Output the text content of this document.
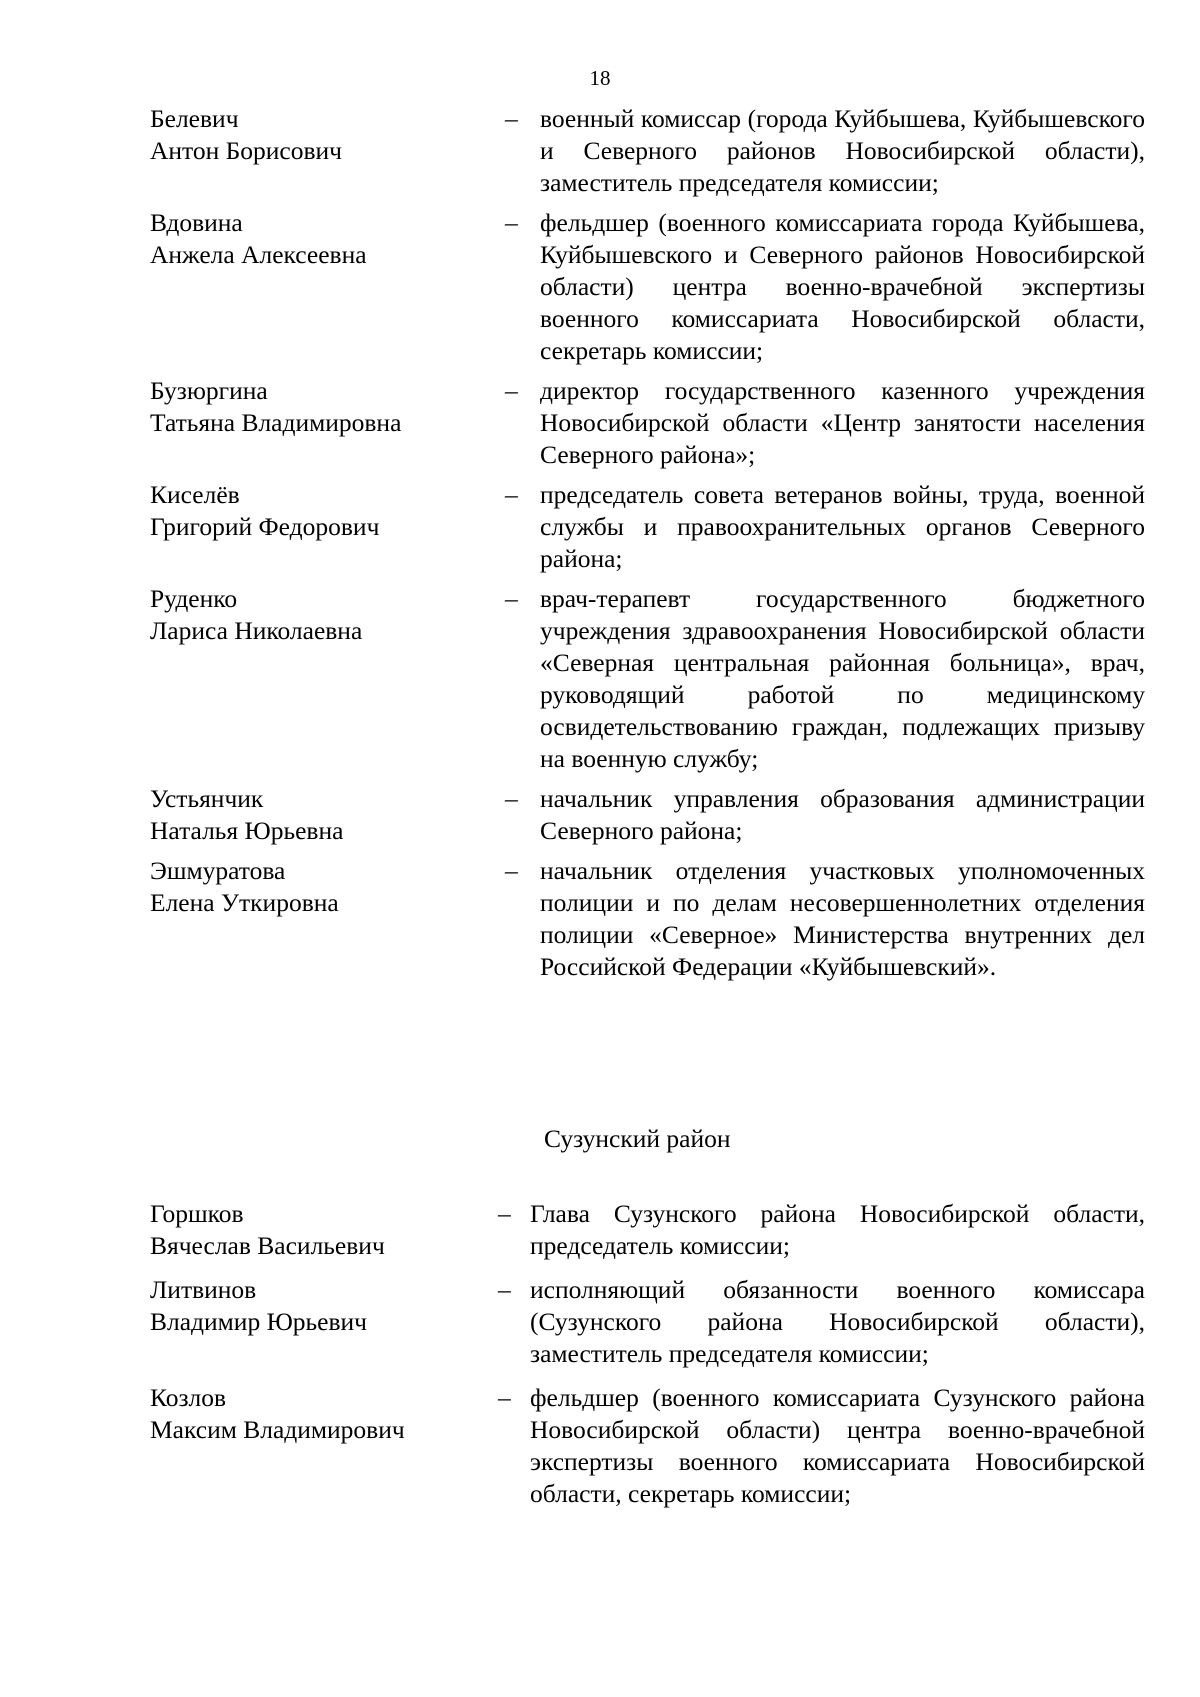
18
Белевич
Антон Борисович
– военный комиссар (города Куйбышева, Куйбышевского и Северного районов Новосибирской области), заместитель председателя комиссии;
Вдовина
Анжела Алексеевна
– фельдшер (военного комиссариата города Куйбышева, Куйбышевского и Северного районов Новосибирской области) центра военно-врачебной экспертизы военного комиссариата Новосибирской области, секретарь комиссии;
Бузюргина
Татьяна Владимировна
– директор государственного казенного учреждения Новосибирской области «Центр занятости населения Северного района»;
Киселёв
Григорий Федорович
– председатель совета ветеранов войны, труда, военной службы и правоохранительных органов Северного района;
Руденко
Лариса Николаевна
– врач-терапевт государственного бюджетного учреждения здравоохранения Новосибирской области «Северная центральная районная больница», врач, руководящий работой по медицинскому освидетельствованию граждан, подлежащих призыву на военную службу;
Устьянчик
Наталья Юрьевна
– начальник управления образования администрации Северного района;
Эшмуратова
Елена Уткировна
– начальник отделения участковых уполномоченных полиции и по делам несовершеннолетних отделения полиции «Северное» Министерства внутренних дел Российской Федерации «Куйбышевский».
Сузунский район
Горшков
Вячеслав Васильевич
– Глава Сузунского района Новосибирской области, председатель комиссии;
Литвинов
Владимир Юрьевич
– исполняющий обязанности военного комиссара (Сузунского района Новосибирской области), заместитель председателя комиссии;
Козлов
Максим Владимирович
– фельдшер (военного комиссариата Сузунского района Новосибирской области) центра военно-врачебной экспертизы военного комиссариата Новосибирской области, секретарь комиссии;
